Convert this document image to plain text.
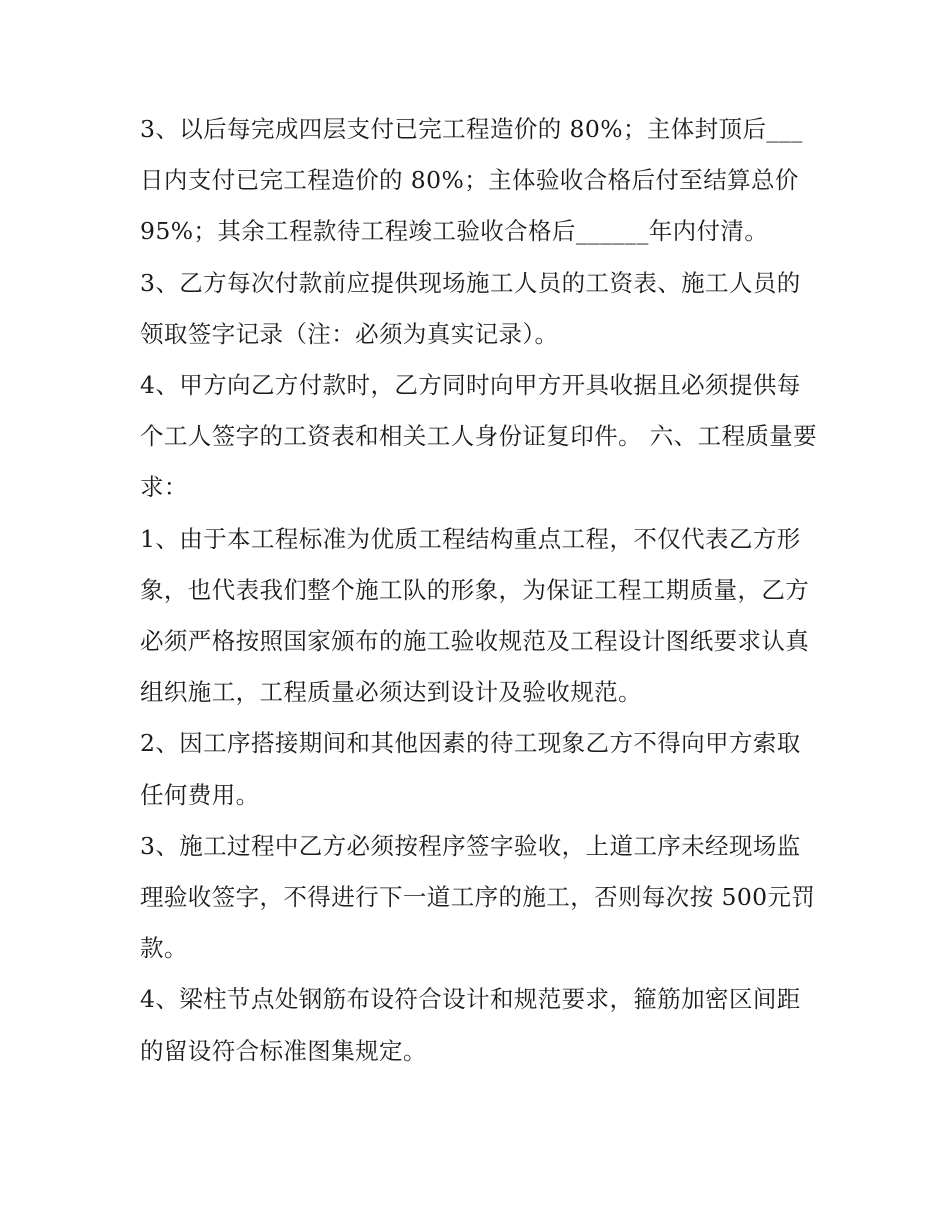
3、以后每完成四层支付已完工程造价的 80%；主体封顶后___日内支付已完工程造价的 80%；主体验收合格后付至结算总价 95%；其余工程款待工程竣工验收合格后______年内付清。

3、乙方每次付款前应提供现场施工人员的工资表、施工人员的领取签字记录（注：必须为真实记录）。

4、甲方向乙方付款时，乙方同时向甲方开具收据且必须提供每个工人签字的工资表和相关工人身份证复印件。 六、工程质量要求：

1、由于本工程标准为优质工程结构重点工程，不仅代表乙方形象，也代表我们整个施工队的形象，为保证工程工期质量，乙方必须严格按照国家颁布的施工验收规范及工程设计图纸要求认真组织施工，工程质量必须达到设计及验收规范。

2、因工序搭接期间和其他因素的待工现象乙方不得向甲方索取任何费用。

3、施工过程中乙方必须按程序签字验收，上道工序未经现场监理验收签字，不得进行下一道工序的施工，否则每次按 500元罚款。

4、梁柱节点处钢筋布设符合设计和规范要求，箍筋加密区间距的留设符合标准图集规定。
